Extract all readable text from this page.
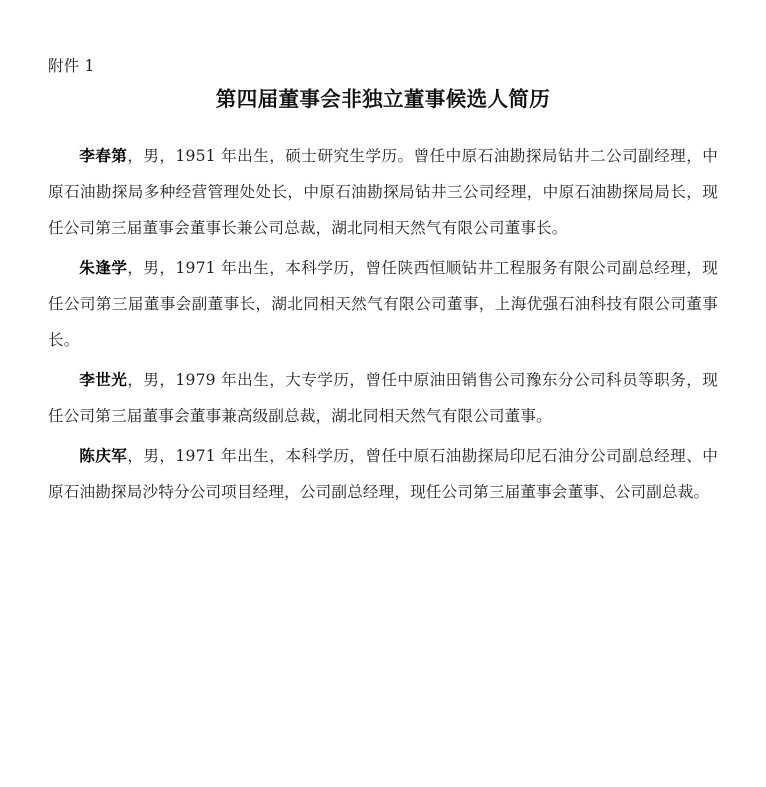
附件 1
第四届董事会非独立董事候选人简历

李春第，男，1951 年出生，硕士研究生学历。曾任中原石油勘探局钻井二公司副经理，中原石油勘探局多种经营管理处处长，中原石油勘探局钻井三公司经理，中原石油勘探局局长，现任公司第三届董事会董事长兼公司总裁，湖北同相天然气有限公司董事长。

朱逢学，男，1971 年出生，本科学历，曾任陕西恒顺钻井工程服务有限公司副总经理，现任公司第三届董事会副董事长，湖北同相天然气有限公司董事，上海优强石油科技有限公司董事长。

李世光，男，1979 年出生，大专学历，曾任中原油田销售公司豫东分公司科员等职务，现任公司第三届董事会董事兼高级副总裁，湖北同相天然气有限公司董事。

陈庆军，男，1971 年出生，本科学历，曾任中原石油勘探局印尼石油分公司副总经理、中原石油勘探局沙特分公司项目经理，公司副总经理，现任公司第三届董事会董事、公司副总裁。
